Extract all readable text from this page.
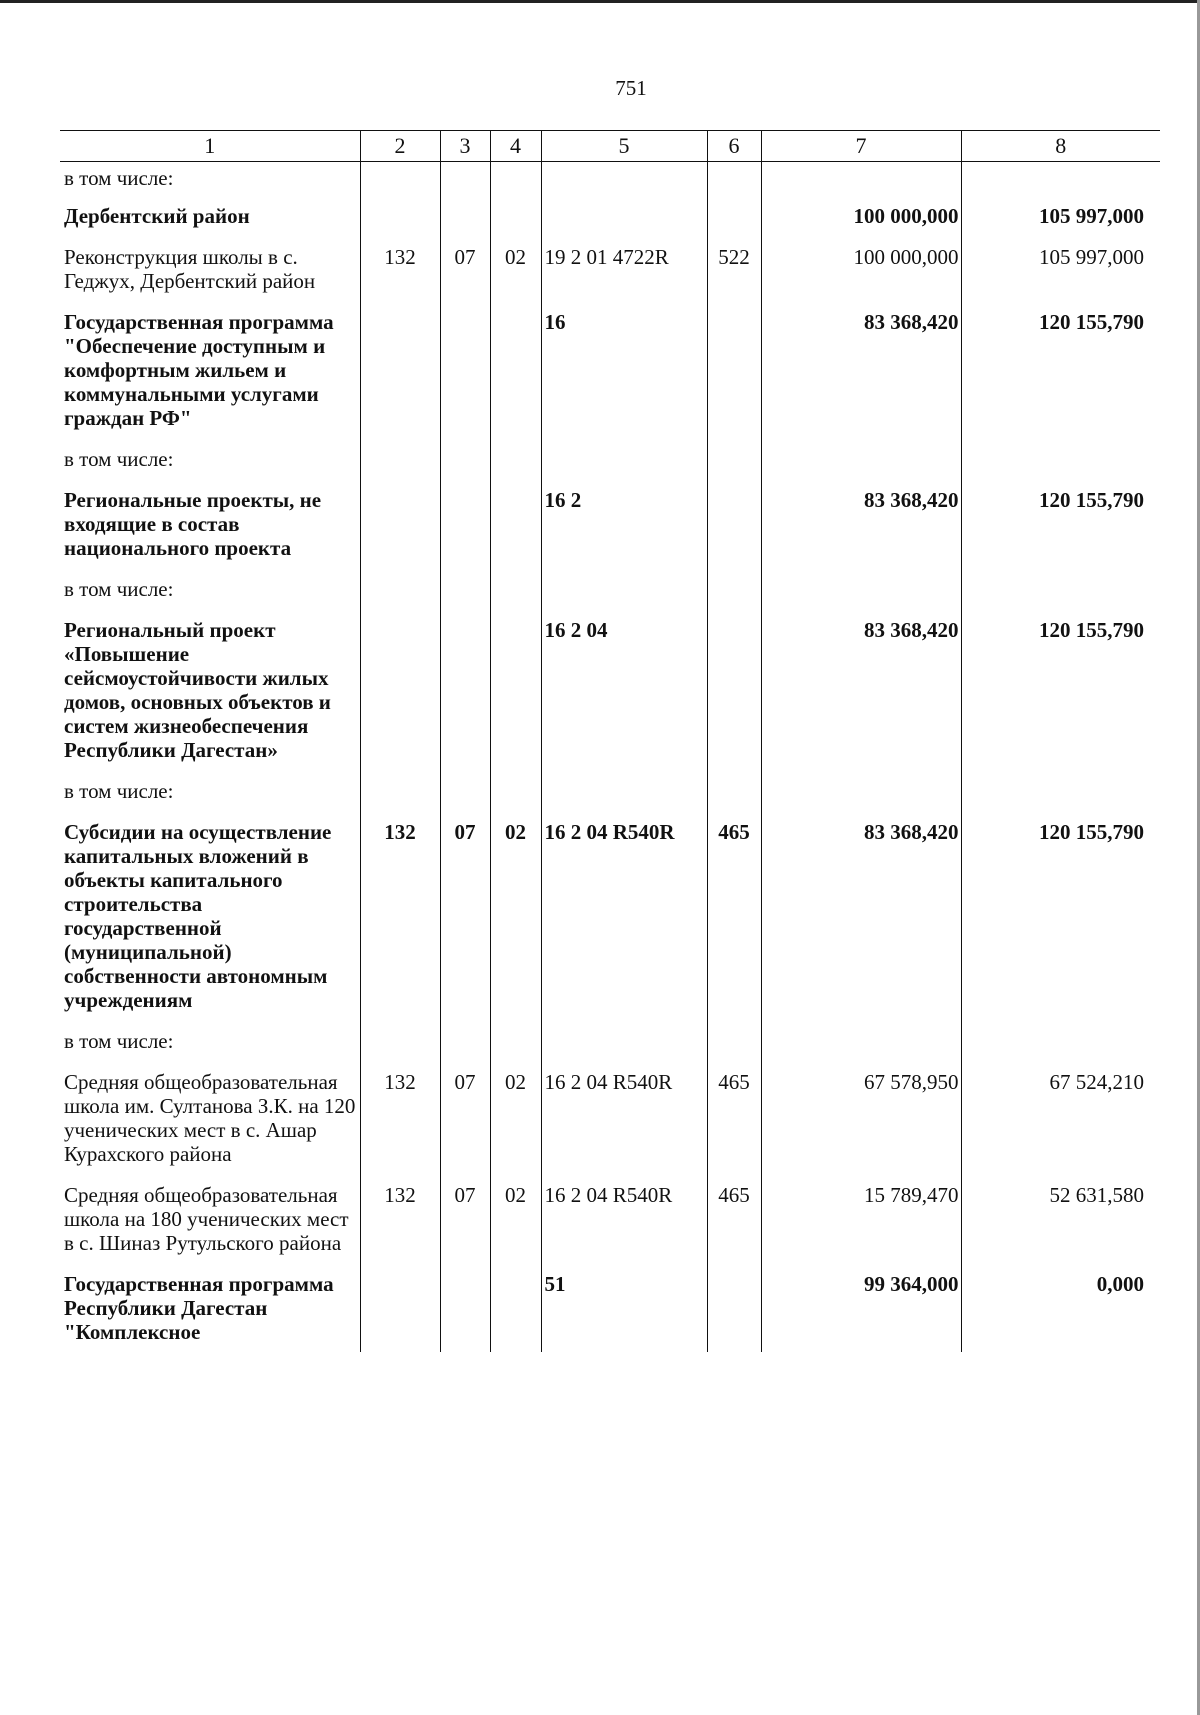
751
1	2	3	4	5	6	7	8
в том числе:							
Дербентский район						100 000,000	105 997,000
Реконструкция школы в с. Геджух, Дербентский район	132	07	02	19 2 01 4722R	522	100 000,000	105 997,000
Государственная программа "Обеспечение доступным и комфортным жильем и коммунальными услугами граждан РФ"				16		83 368,420	120 155,790
в том числе:							
Региональные проекты, не входящие в состав национального проекта				16 2		83 368,420	120 155,790
в том числе:							
Региональный проект «Повышение сейсмоустойчивости жилых домов, основных объектов и систем жизнеобеспечения Республики Дагестан»				16 2 04		83 368,420	120 155,790
в том числе:							
Субсидии на осуществление капитальных вложений в объекты капитального строительства государственной (муниципальной) собственности автономным учреждениям	132	07	02	16 2 04 R540R	465	83 368,420	120 155,790
в том числе:							
Средняя общеобразовательная школа им. Султанова З.К. на 120 ученических мест в с. Ашар Курахского района	132	07	02	16 2 04 R540R	465	67 578,950	67 524,210
Средняя общеобразовательная школа на 180 ученических мест в с. Шиназ Рутульского района	132	07	02	16 2 04 R540R	465	15 789,470	52 631,580
Государственная программа Республики Дагестан "Комплексное				51		99 364,000	0,000
